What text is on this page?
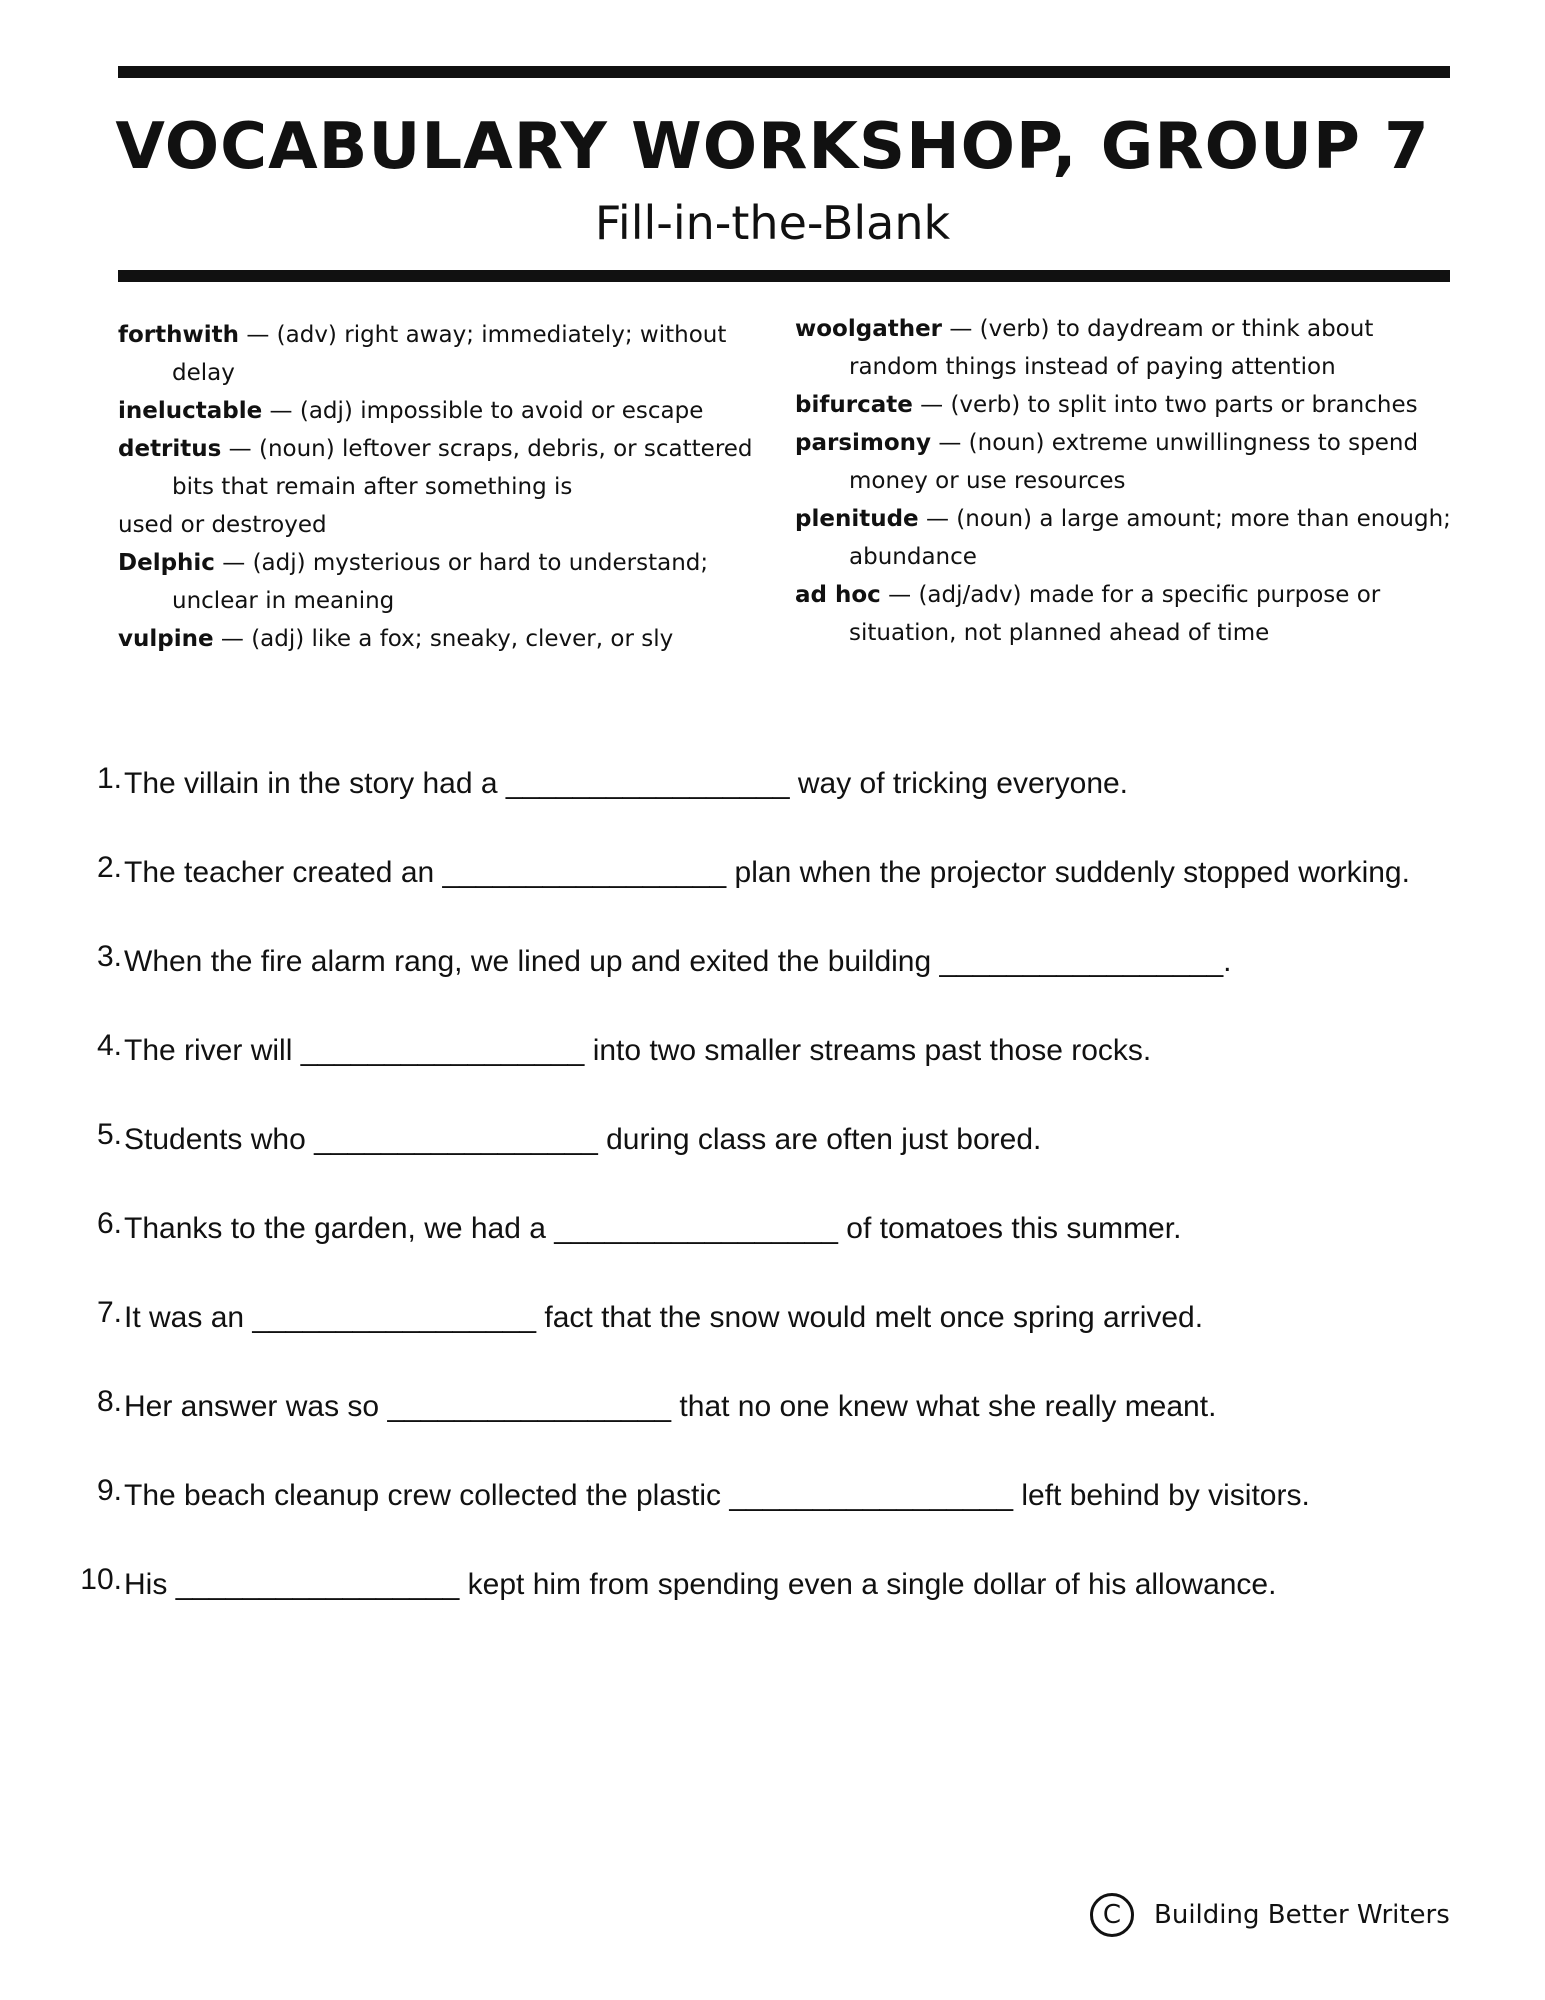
VOCABULARY WORKSHOP, GROUP 7
Fill-in-the-Blank
forthwith — (adv) right away; immediately; without delay
ineluctable — (adj) impossible to avoid or escape
detritus — (noun) leftover scraps, debris, or scattered bits that remain after something is
used or destroyed
Delphic — (adj) mysterious or hard to understand; unclear in meaning
vulpine — (adj) like a fox; sneaky, clever, or sly
woolgather — (verb) to daydream or think about random things instead of paying attention
bifurcate — (verb) to split into two parts or branches
parsimony — (noun) extreme unwillingness to spend money or use resources
plenitude — (noun) a large amount; more than enough; abundance
ad hoc — (adj/adv) made for a specific purpose or situation, not planned ahead of time
1. The villain in the story had a _________________ way of tricking everyone.
2. The teacher created an _________________ plan when the projector suddenly stopped working.
3. When the fire alarm rang, we lined up and exited the building _________________.
4. The river will _________________ into two smaller streams past those rocks.
5. Students who _________________ during class are often just bored.
6. Thanks to the garden, we had a _________________ of tomatoes this summer.
7. It was an _________________ fact that the snow would melt once spring arrived.
8. Her answer was so _________________ that no one knew what she really meant.
9. The beach cleanup crew collected the plastic _________________ left behind by visitors.
10. His _________________ kept him from spending even a single dollar of his allowance.
C Building Better Writers
